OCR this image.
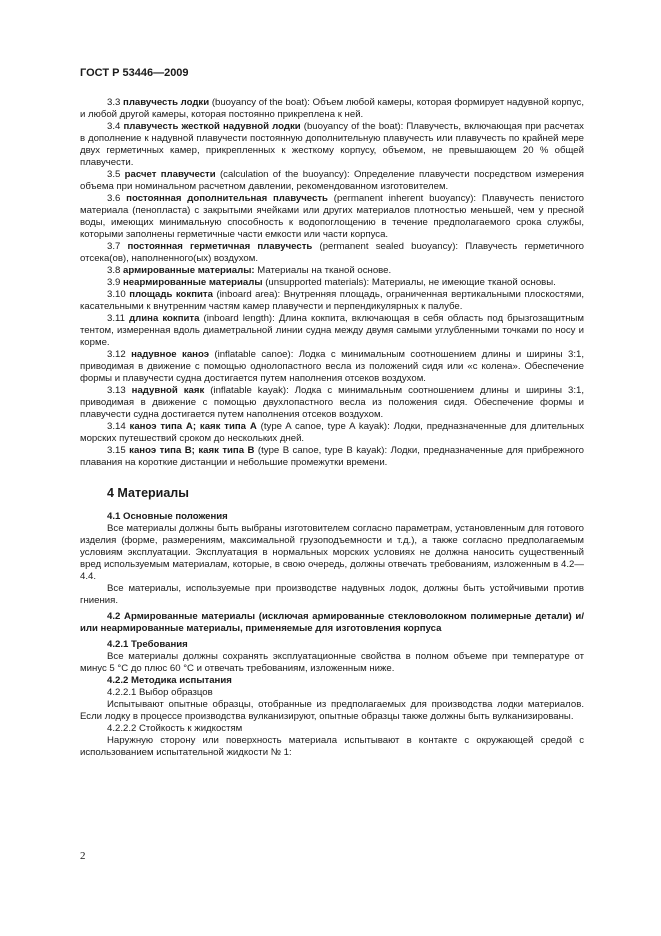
ГОСТ Р 53446—2009

3.3 плавучесть лодки (buoyancy of the boat): Объем любой камеры, которая формирует надувной корпус, и любой другой камеры, которая постоянно прикреплена к ней.

3.4 плавучесть жесткой надувной лодки (buoyancy of the boat): Плавучесть, включающая при расчетах в дополнение к надувной плавучести постоянную дополнительную плавучесть или плавучесть по крайней мере двух герметичных камер, прикрепленных к жесткому корпусу, объемом, не превышающем 20 % общей плавучести.

3.5 расчет плавучести (calculation of the buoyancy): Определение плавучести посредством измерения объема при номинальном расчетном давлении, рекомендованном изготовителем.

3.6 постоянная дополнительная плавучесть (permanent inherent buoyancy): Плавучесть пенистого материала (пенопласта) с закрытыми ячейками или других материалов плотностью меньшей, чем у пресной воды, имеющих минимальную способность к водопоглощению в течение предполагаемого срока службы, которыми заполнены герметичные части емкости или части корпуса.

3.7 постоянная герметичная плавучесть (permanent sealed buoyancy): Плавучесть герметичного отсека(ов), наполненного(ых) воздухом.

3.8 армированные материалы: Материалы на тканой основе.

3.9 неармированные материалы (unsupported materials): Материалы, не имеющие тканой основы.

3.10 площадь кокпита (inboard area): Внутренняя площадь, ограниченная вертикальными плоскостями, касательными к внутренним частям камер плавучести и перпендикулярных к палубе.

3.11 длина кокпита (inboard length): Длина кокпита, включающая в себя область под брызгозащитным тентом, измеренная вдоль диаметральной линии судна между двумя самыми углубленными точками по носу и корме.

3.12 надувное каноэ (inflatable canoe): Лодка с минимальным соотношением длины и ширины 3:1, приводимая в движение с помощью однолопастного весла из положений сидя или «с колена». Обеспечение формы и плавучести судна достигается путем наполнения отсеков воздухом.

3.13 надувной каяк (inflatable kayak): Лодка с минимальным соотношением длины и ширины 3:1, приводимая в движение с помощью двухлопастного весла из положения сидя. Обеспечение формы и плавучести судна достигается путем наполнения отсеков воздухом.

3.14 каноэ типа А; каяк типа А (type A canoe, type A kayak): Лодки, предназначенные для длительных морских путешествий сроком до нескольких дней.

3.15 каноэ типа В; каяк типа В (type B canoe, type B kayak): Лодки, предназначенные для прибрежного плавания на короткие дистанции и небольшие промежутки времени.

4 Материалы

4.1 Основные положения

Все материалы должны быть выбраны изготовителем согласно параметрам, установленным для готового изделия (форме, размерениям, максимальной грузоподъемности и т.д.), а также согласно предполагаемым условиям эксплуатации. Эксплуатация в нормальных морских условиях не должна наносить существенный вред используемым материалам, которые, в свою очередь, должны отвечать требованиям, изложенным в 4.2—4.4.

Все материалы, используемые при производстве надувных лодок, должны быть устойчивыми против гниения.

4.2 Армированные материалы (исключая армированные стекловолокном полимерные детали) и/или неармированные материалы, применяемые для изготовления корпуса

4.2.1 Требования

Все материалы должны сохранять эксплуатационные свойства в полном объеме при температуре от минус 5 °С до плюс 60 °С и отвечать требованиям, изложенным ниже.

4.2.2 Методика испытания

4.2.2.1 Выбор образцов

Испытывают опытные образцы, отобранные из предполагаемых для производства лодки материалов. Если лодку в процессе производства вулканизируют, опытные образцы также должны быть вулканизированы.

4.2.2.2 Стойкость к жидкостям

Наружную сторону или поверхность материала испытывают в контакте с окружающей средой с использованием испытательной жидкости № 1:

2
